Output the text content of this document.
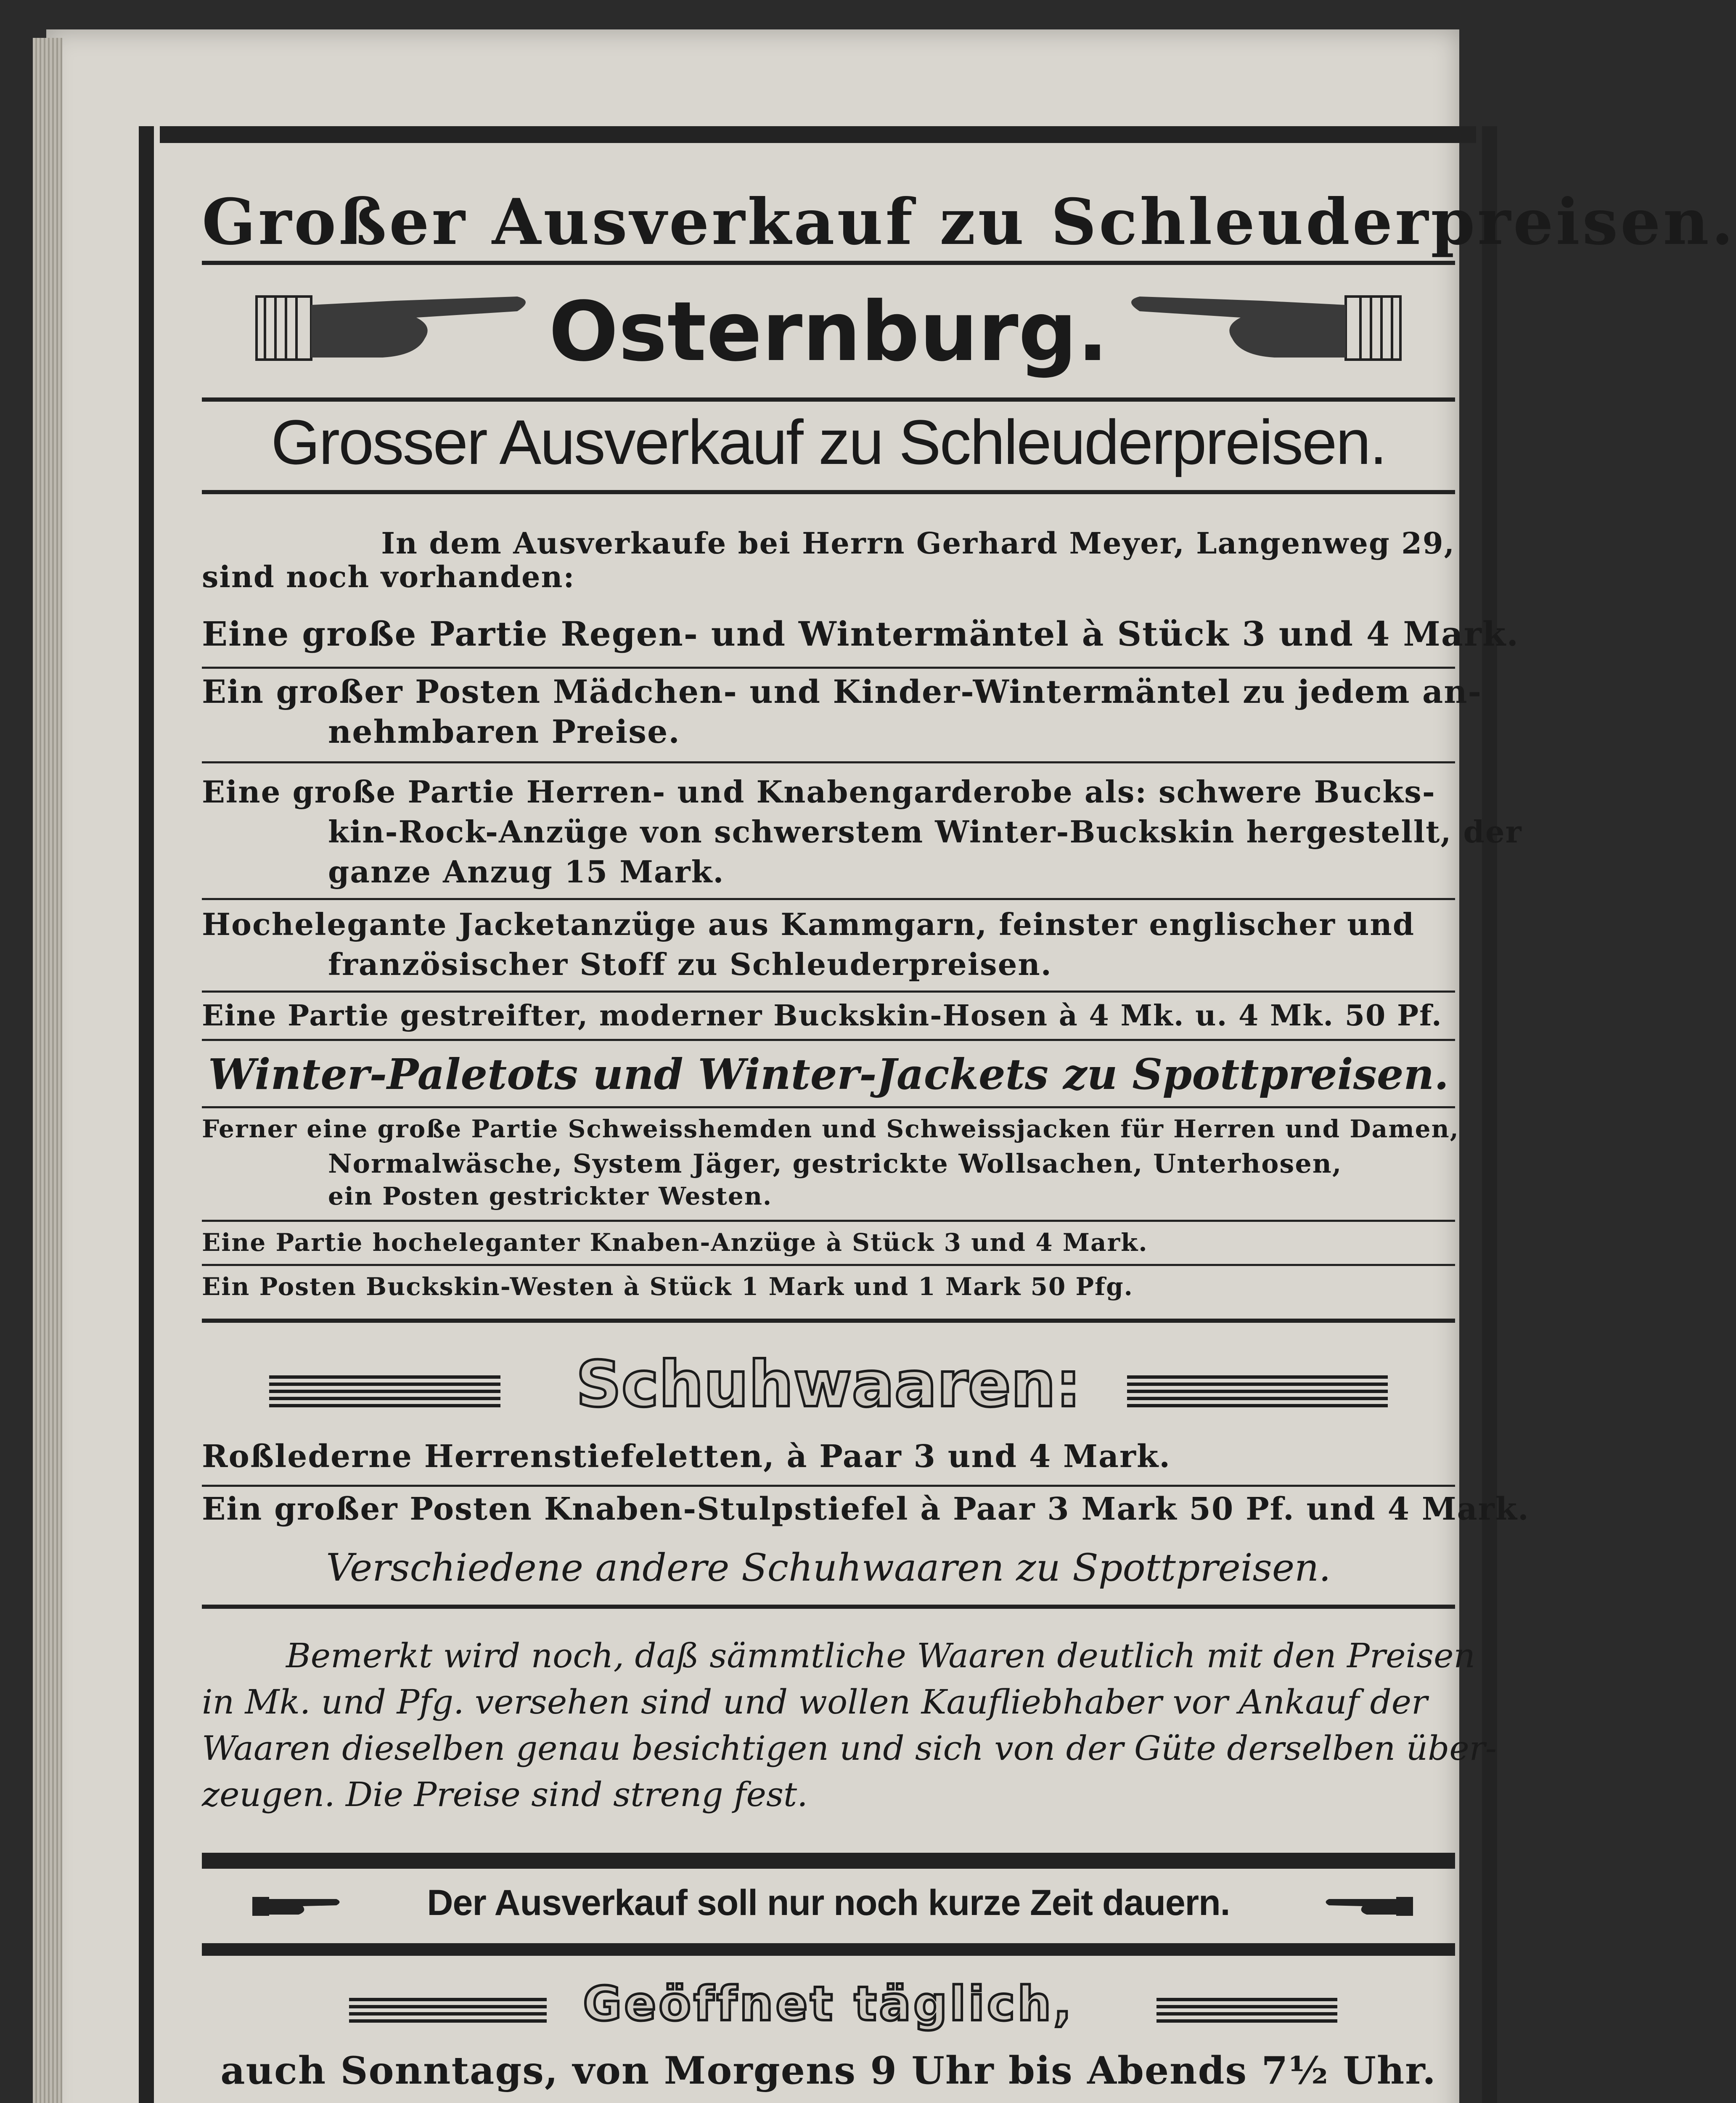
Großer Ausverkauf zu Schleuderpreisen.
Osternburg.
Grosser Ausverkauf zu Schleuderpreisen.
In dem Ausverkaufe bei Herrn Gerhard Meyer, Langenweg 29,
sind noch vorhanden:
Eine große Partie Regen- und Wintermäntel à Stück 3 und 4 Mark.
Ein großer Posten Mädchen- und Kinder-Wintermäntel zu jedem an-
nehmbaren Preise.
Eine große Partie Herren- und Knabengarderobe als: schwere Bucks-
kin-Rock-Anzüge von schwerstem Winter-Buckskin hergestellt, der
ganze Anzug 15 Mark.
Hochelegante Jacketanzüge aus Kammgarn, feinster englischer und
französischer Stoff zu Schleuderpreisen.
Eine Partie gestreifter, moderner Buckskin-Hosen à 4 Mk. u. 4 Mk. 50 Pf.
Winter-Paletots und Winter-Jackets zu Spottpreisen.
Ferner eine große Partie Schweisshemden und Schweissjacken für Herren und Damen,
Normalwäsche, System Jäger, gestrickte Wollsachen, Unterhosen,
ein Posten gestrickter Westen.
Eine Partie hocheleganter Knaben-Anzüge à Stück 3 und 4 Mark.
Ein Posten Buckskin-Westen à Stück 1 Mark und 1 Mark 50 Pfg.
Schuhwaaren:
Roßlederne Herrenstiefeletten, à Paar 3 und 4 Mark.
Ein großer Posten Knaben-Stulpstiefel à Paar 3 Mark 50 Pf. und 4 Mark.
Verschiedene andere Schuhwaaren zu Spottpreisen.
Bemerkt wird noch, daß sämmtliche Waaren deutlich mit den Preisen
in Mk. und Pfg. versehen sind und wollen Kaufliebhaber vor Ankauf der
Waaren dieselben genau besichtigen und sich von der Güte derselben über-
zeugen. Die Preise sind streng fest.
Der Ausverkauf soll nur noch kurze Zeit dauern.
Geöffnet täglich,
auch Sonntags, von Morgens 9 Uhr bis Abends 7½ Uhr.
